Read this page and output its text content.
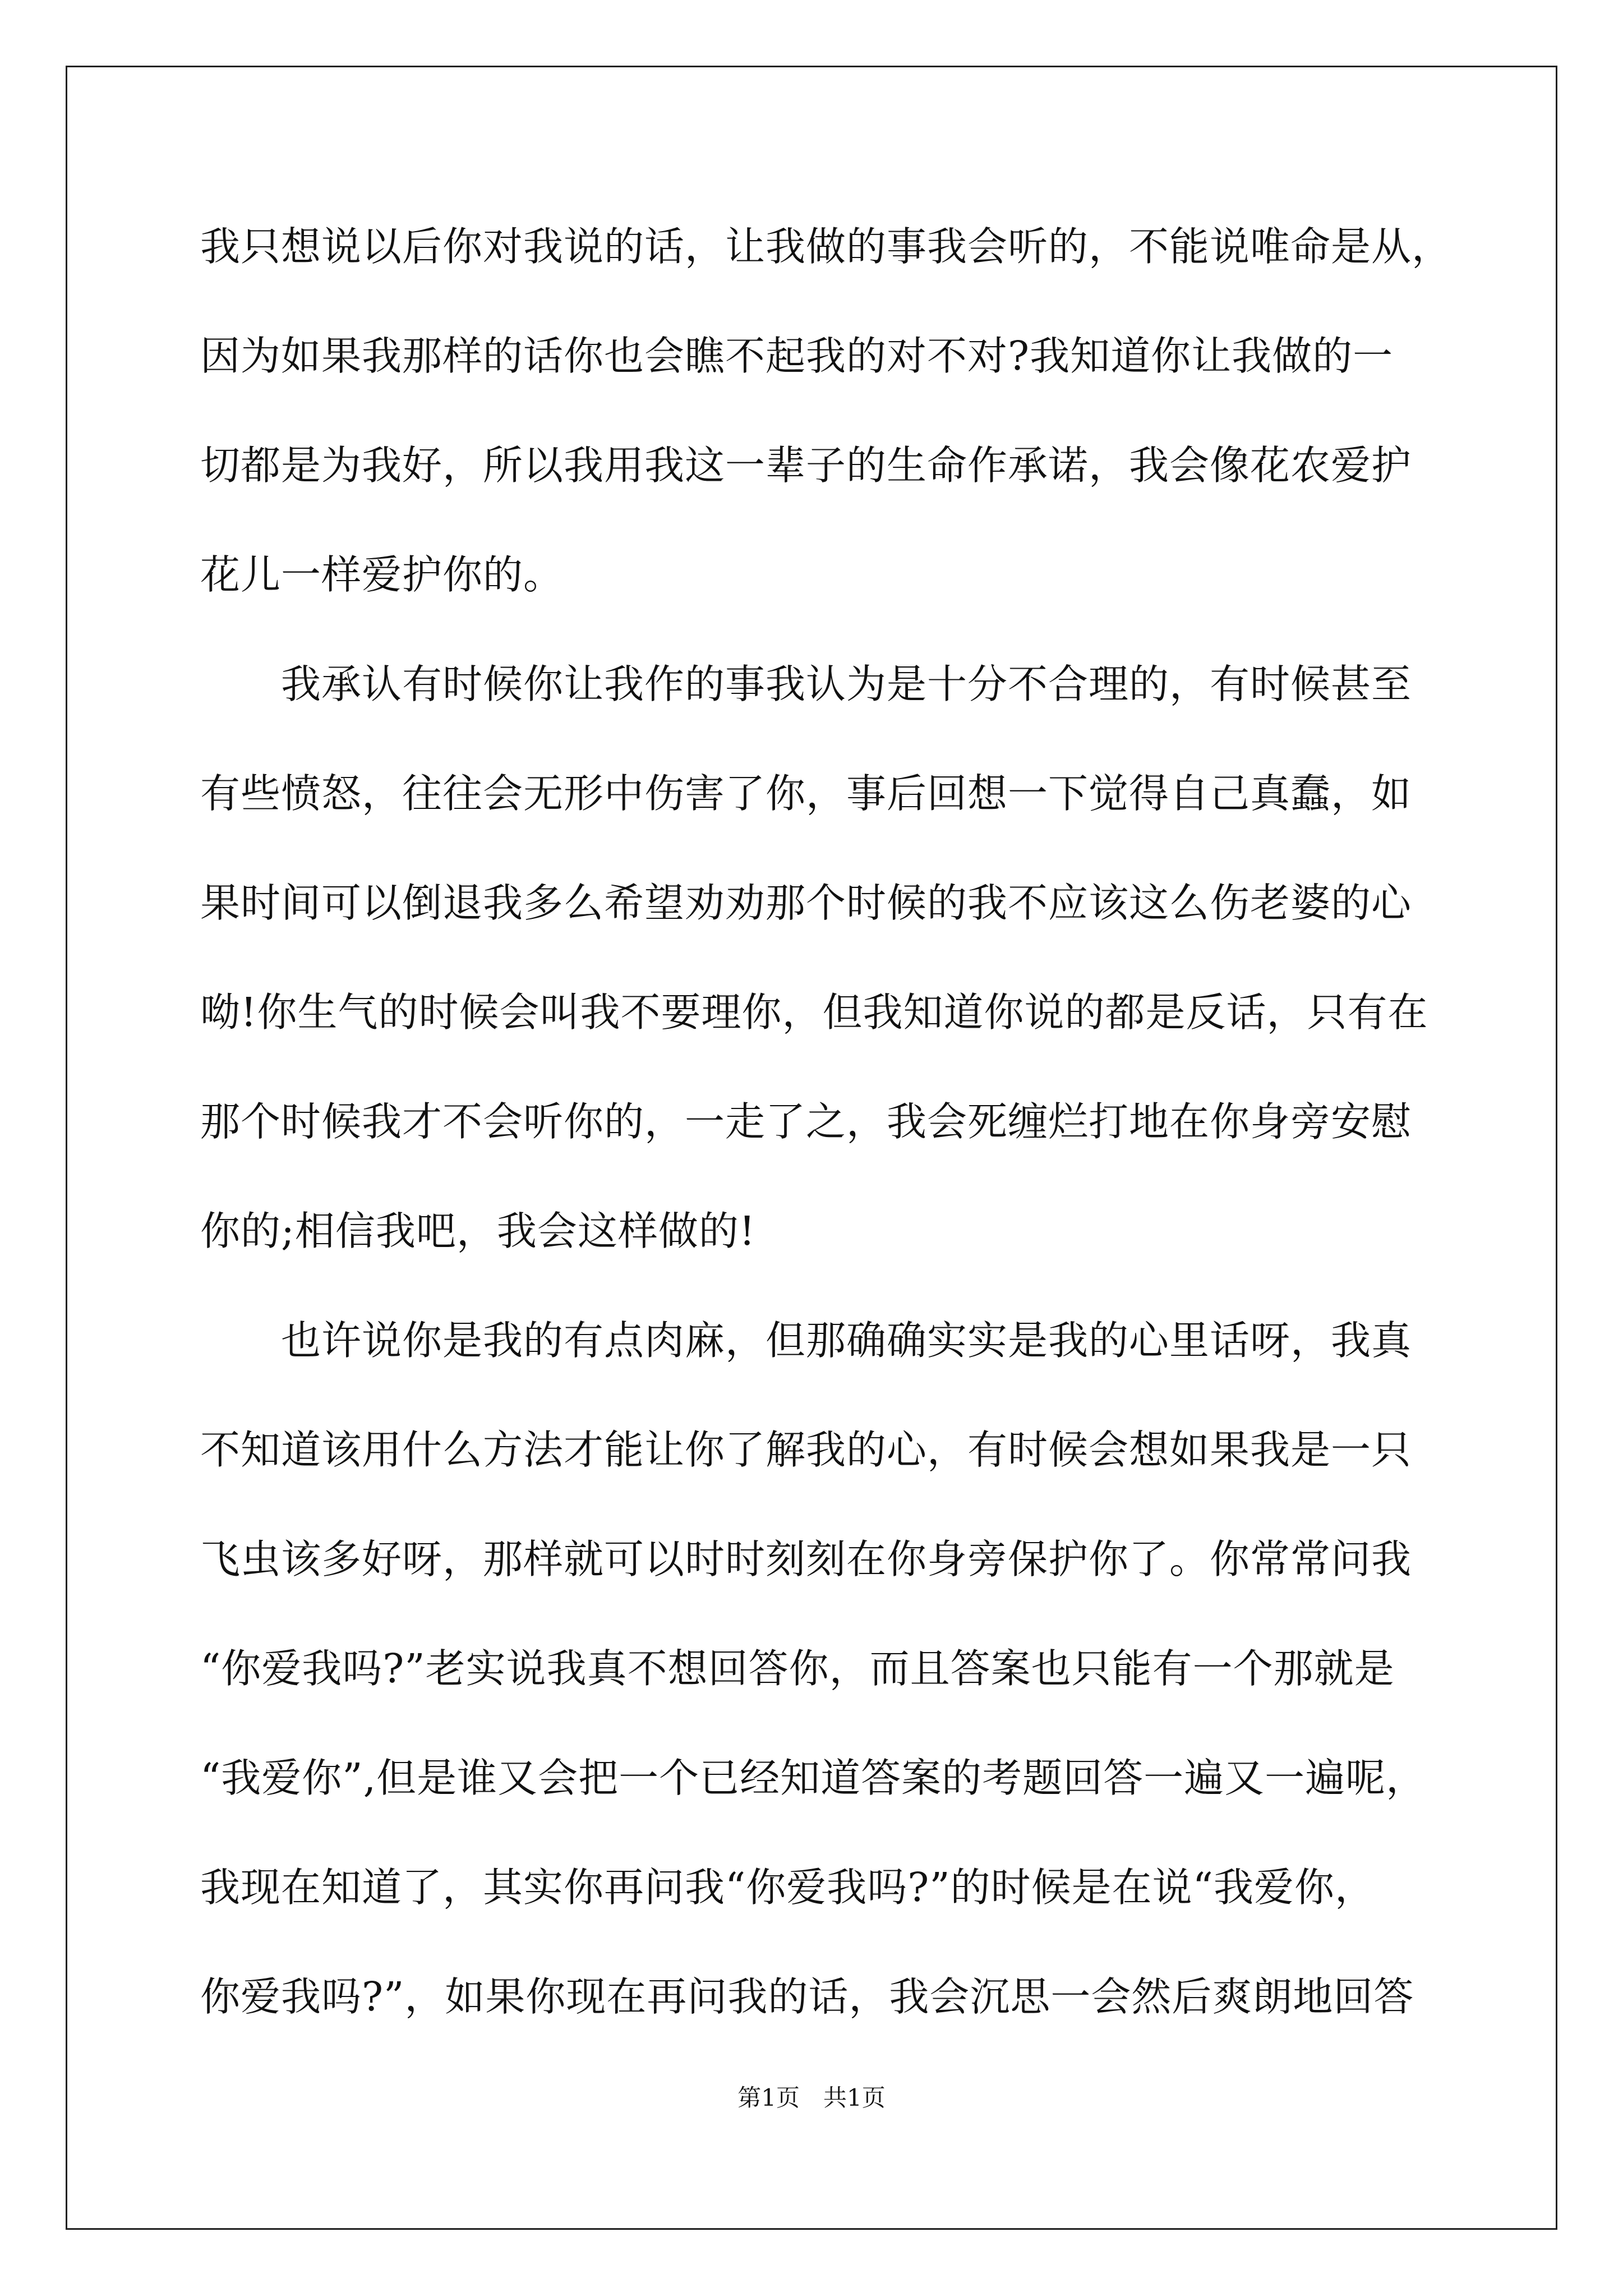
我只想说以后你对我说的话，让我做的事我会听的，不能说唯命是从，
因为如果我那样的话你也会瞧不起我的对不对?我知道你让我做的一
切都是为我好，所以我用我这一辈子的生命作承诺，我会像花农爱护
花儿一样爱护你的。
　　我承认有时候你让我作的事我认为是十分不合理的，有时候甚至
有些愤怒，往往会无形中伤害了你，事后回想一下觉得自己真蠢，如
果时间可以倒退我多么希望劝劝那个时候的我不应该这么伤老婆的心
呦!你生气的时候会叫我不要理你，但我知道你说的都是反话，只有在
那个时候我才不会听你的，一走了之，我会死缠烂打地在你身旁安慰
你的;相信我吧，我会这样做的!
　　也许说你是我的有点肉麻，但那确确实实是我的心里话呀，我真
不知道该用什么方法才能让你了解我的心，有时候会想如果我是一只
飞虫该多好呀，那样就可以时时刻刻在你身旁保护你了。你常常问我
“你爱我吗?”老实说我真不想回答你，而且答案也只能有一个那就是
“我爱你”,但是谁又会把一个已经知道答案的考题回答一遍又一遍呢，
我现在知道了，其实你再问我“你爱我吗?”的时候是在说“我爱你，
你爱我吗?”，如果你现在再问我的话，我会沉思一会然后爽朗地回答
第1页　共1页
